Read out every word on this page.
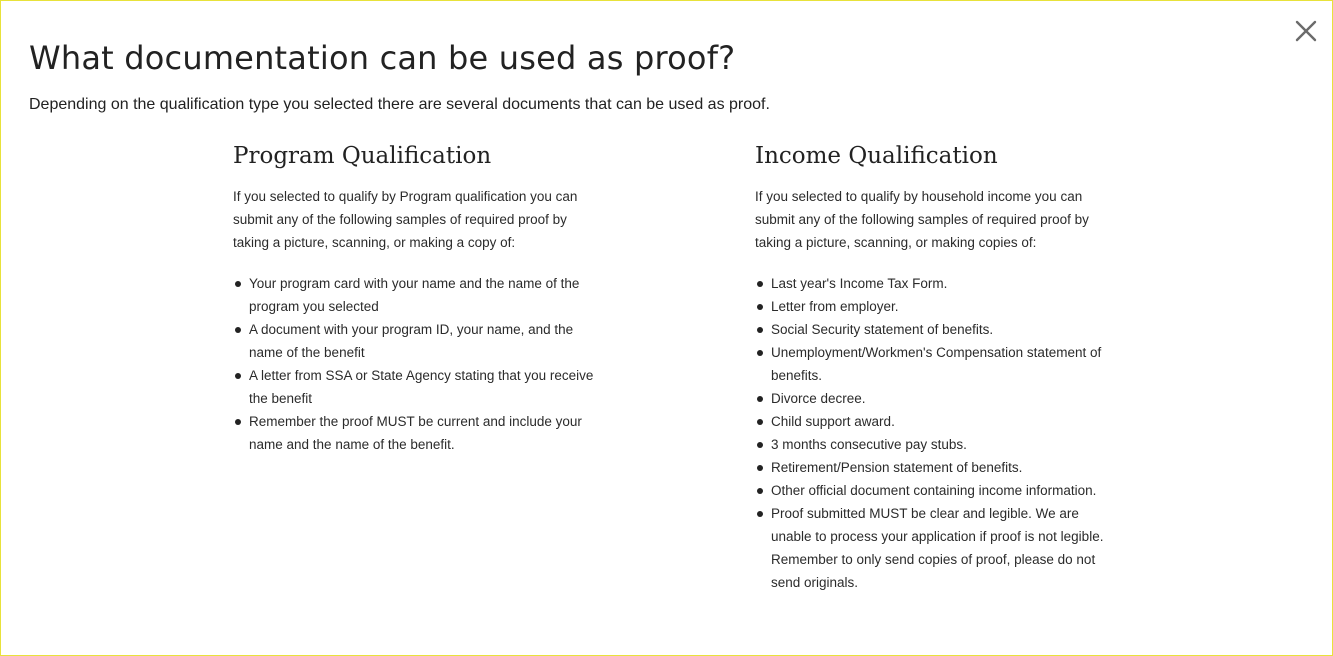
What documentation can be used as proof?

Depending on the qualification type you selected there are several documents that can be used as proof.

Program Qualification

If you selected to qualify by Program qualification you can submit any of the following samples of required proof by taking a picture, scanning, or making a copy of:

Your program card with your name and the name of the program you selected
A document with your program ID, your name, and the name of the benefit
A letter from SSA or State Agency stating that you receive the benefit
Remember the proof MUST be current and include your name and the name of the benefit.
Income Qualification

If you selected to qualify by household income you can submit any of the following samples of required proof by taking a picture, scanning, or making copies of:

Last year's Income Tax Form.
Letter from employer.
Social Security statement of benefits.
Unemployment/Workmen's Compensation statement of benefits.
Divorce decree.
Child support award.
3 months consecutive pay stubs.
Retirement/Pension statement of benefits.
Other official document containing income information.
Proof submitted MUST be clear and legible. We are unable to process your application if proof is not legible. Remember to only send copies of proof, please do not send originals.
